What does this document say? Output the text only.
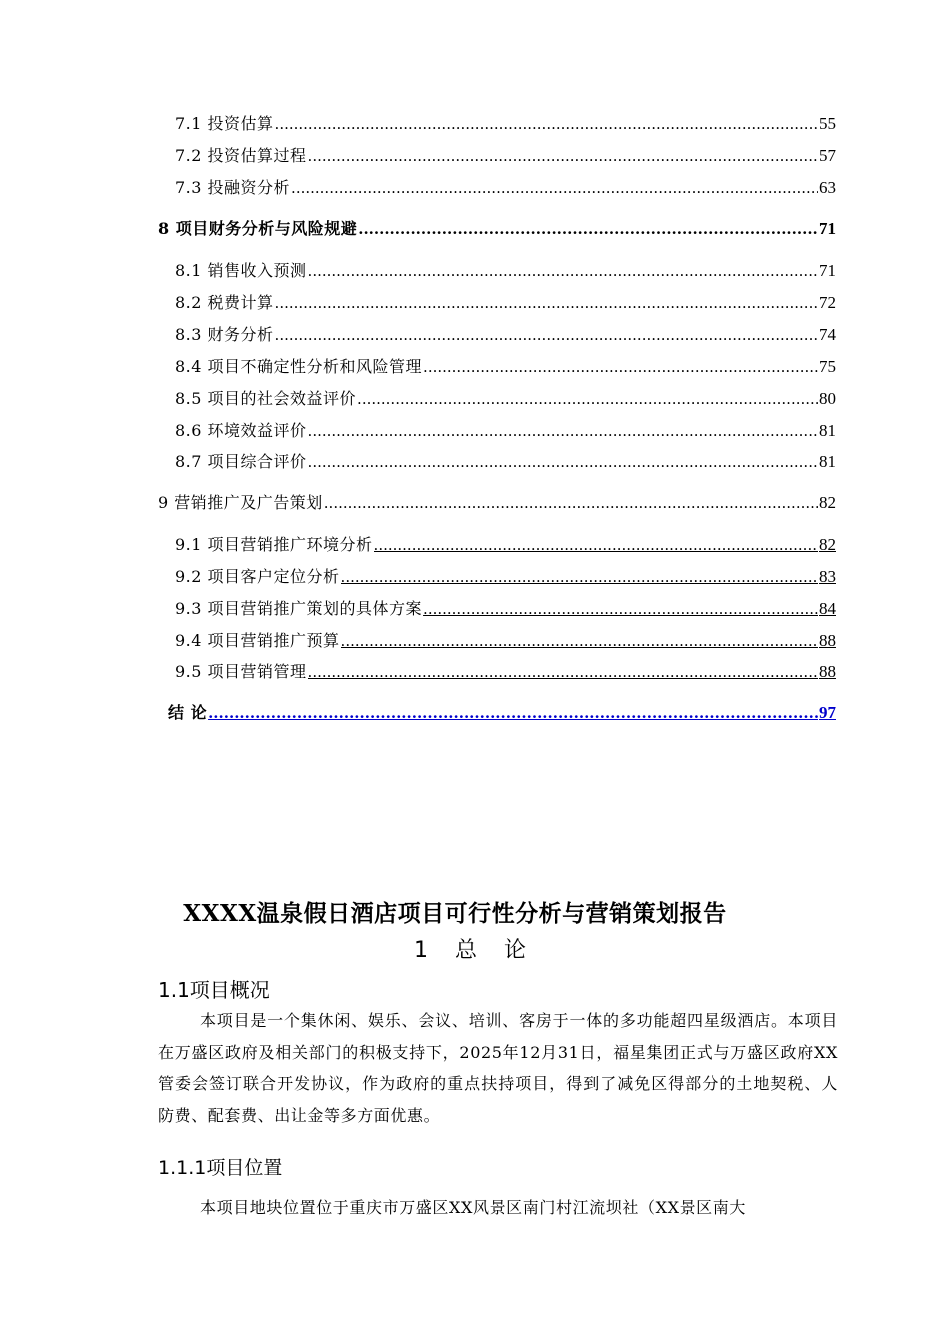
7.1 投资估算 .....	55
7.2 投资估算过程 .....	57
7.3 投融资分析 .....	63
8 项目财务分析与风险规避 .....	71
8.1 销售收入预测 .....	71
8.2 税费计算 .....	72
8.3 财务分析 .....	74
8.4 项目不确定性分析和风险管理 .....	75
8.5 项目的社会效益评价 .....	80
8.6 环境效益评价 .....	81
8.7 项目综合评价 .....	81
9 营销推广及广告策划 .....	82
9.1 项目营销推广环境分析 .....	82
9.2 项目客户定位分析 .....	83
9.3 项目营销推广策划的具体方案 .....	84
9.4 项目营销推广预算 .....	88
9.5 项目营销管理 .....	88
结 论 .....	97
XXXX温泉假日酒店项目可行性分析与营销策划报告
1 总 论
1.1项目概况
本项目是一个集休闲、娱乐、会议、培训、客房于一体的多功能超四星级酒店。本项目在万盛区政府及相关部门的积极支持下，2025年12月31日，福星集团正式与万盛区政府XX管委会签订联合开发协议，作为政府的重点扶持项目，得到了减免区得部分的土地契税、人防费、配套费、出让金等多方面优惠。
1.1.1项目位置
本项目地块位置位于重庆市万盛区XX风景区南门村江流坝社（XX景区南大
